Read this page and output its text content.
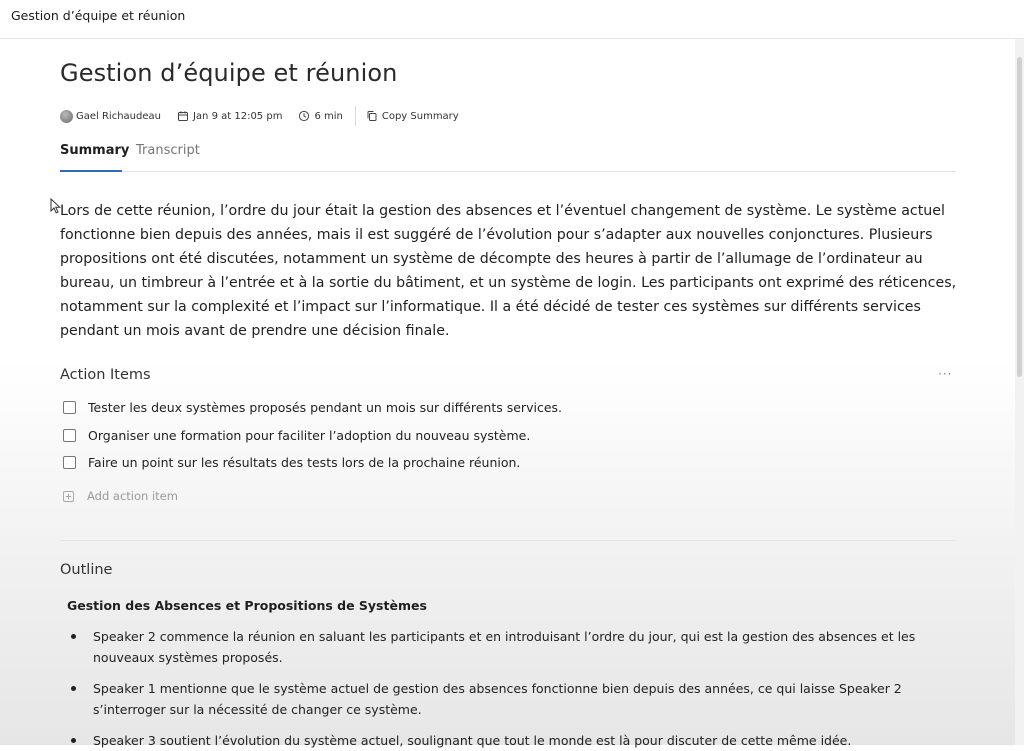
Gestion d’équipe et réunion
Gestion d’équipe et réunion
Gael Richaudeau	Jan 9 at 12:05 pm	6 min	Copy Summary
Summary Transcript

Lors de cette réunion, l’ordre du jour était la gestion des absences et l’éventuel changement de système. Le système actuel fonctionne bien depuis des années, mais il est suggéré de l’évolution pour s’adapter aux nouvelles conjonctures. Plusieurs propositions ont été discutées, notamment un système de décompte des heures à partir de l’allumage de l’ordinateur au bureau, un timbreur à l’entrée et à la sortie du bâtiment, et un système de login. Les participants ont exprimé des réticences, notamment sur la complexité et l’impact sur l’informatique. Il a été décidé de tester ces systèmes sur différents services pendant un mois avant de prendre une décision finale.

Action Items	···
Tester les deux systèmes proposés pendant un mois sur différents services.
Organiser une formation pour faciliter l’adoption du nouveau système.
Faire un point sur les résultats des tests lors de la prochaine réunion.
Add action item
Outline
Gestion des Absences et Propositions de Systèmes
Speaker 2 commence la réunion en saluant les participants et en introduisant l’ordre du jour, qui est la gestion des absences et les nouveaux systèmes proposés.
Speaker 1 mentionne que le système actuel de gestion des absences fonctionne bien depuis des années, ce qui laisse Speaker 2 s’interroger sur la nécessité de changer ce système.
Speaker 3 soutient l’évolution du système actuel, soulignant que tout le monde est là pour discuter de cette même idée.
